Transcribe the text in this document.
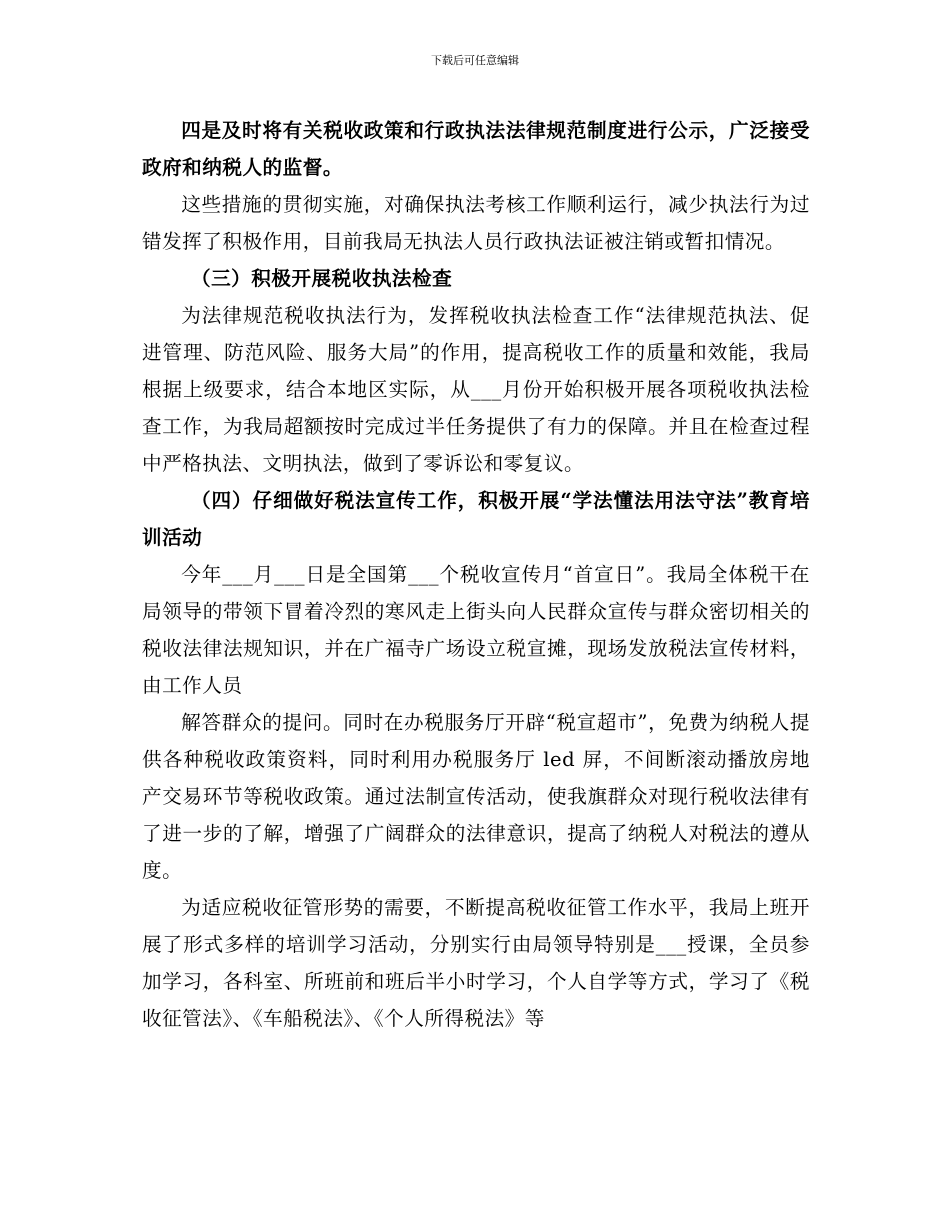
下载后可任意编辑

四是及时将有关税收政策和行政执法法律规范制度进行公示，广泛接受政府和纳税人的监督。

这些措施的贯彻实施，对确保执法考核工作顺利运行，减少执法行为过错发挥了积极作用，目前我局无执法人员行政执法证被注销或暂扣情况。

（三）积极开展税收执法检查

为法律规范税收执法行为，发挥税收执法检查工作“法律规范执法、促进管理、防范风险、服务大局”的作用，提高税收工作的质量和效能，我局根据上级要求，结合本地区实际，从___月份开始积极开展各项税收执法检查工作，为我局超额按时完成过半任务提供了有力的保障。并且在检查过程中严格执法、文明执法，做到了零诉讼和零复议。

（四）仔细做好税法宣传工作，积极开展“学法懂法用法守法”教育培训活动

今年___月___日是全国第___个税收宣传月“首宣日”。我局全体税干在局领导的带领下冒着冷烈的寒风走上街头向人民群众宣传与群众密切相关的税收法律法规知识，并在广福寺广场设立税宣摊，现场发放税法宣传材料，由工作人员

解答群众的提问。同时在办税服务厅开辟“税宣超市”，免费为纳税人提供各种税收政策资料，同时利用办税服务厅 led 屏，不间断滚动播放房地产交易环节等税收政策。通过法制宣传活动，使我旗群众对现行税收法律有了进一步的了解，增强了广阔群众的法律意识，提高了纳税人对税法的遵从度。

为适应税收征管形势的需要，不断提高税收征管工作水平，我局上班开展了形式多样的培训学习活动，分别实行由局领导特别是___授课，全员参加学习，各科室、所班前和班后半小时学习，个人自学等方式，学习了《税收征管法》、《车船税法》、《个人所得税法》等
